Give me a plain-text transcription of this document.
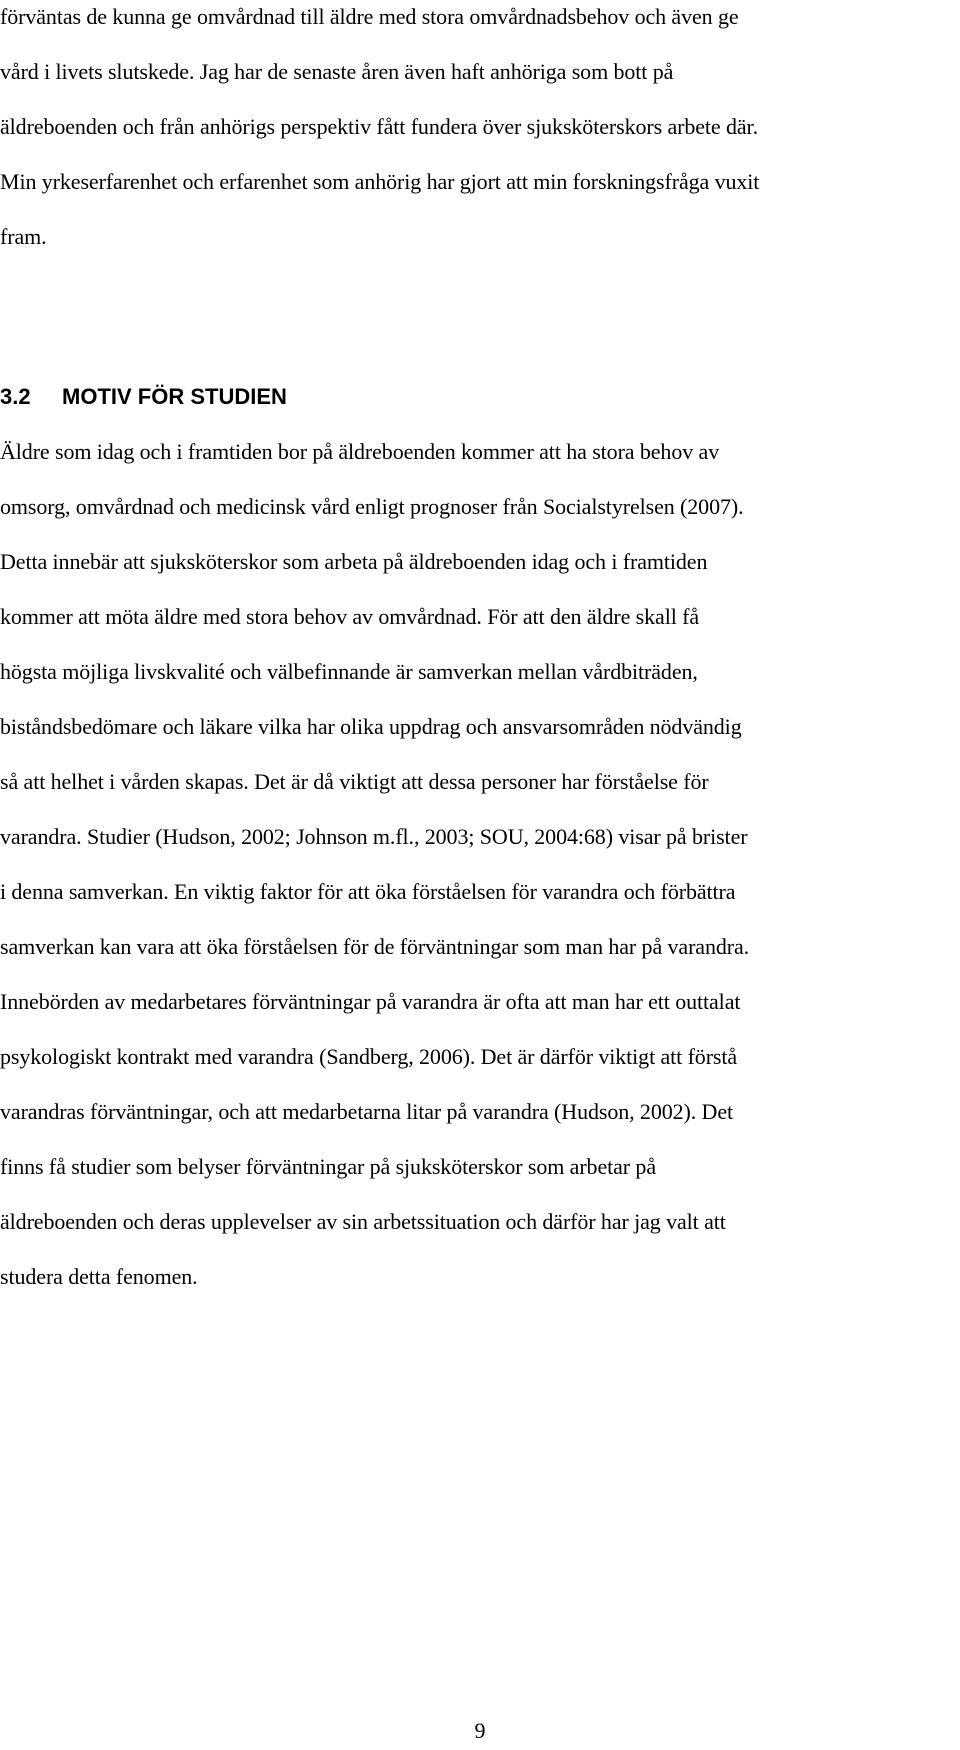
förväntas de kunna ge omvårdnad till äldre med stora omvårdnadsbehov och även ge

vård i livets slutskede. Jag har de senaste åren även haft anhöriga som bott på

äldreboenden och från anhörigs perspektiv fått fundera över sjuksköterskors arbete där.

Min yrkeserfarenhet och erfarenhet som anhörig har gjort att min forskningsfråga vuxit

fram.

3.2 MOTIV FÖR STUDIEN

Äldre som idag och i framtiden bor på äldreboenden kommer att ha stora behov av

omsorg, omvårdnad och medicinsk vård enligt prognoser från Socialstyrelsen (2007).

Detta innebär att sjuksköterskor som arbeta på äldreboenden idag och i framtiden

kommer att möta äldre med stora behov av omvårdnad. För att den äldre skall få

högsta möjliga livskvalité och välbefinnande är samverkan mellan vårdbiträden,

biståndsbedömare och läkare vilka har olika uppdrag och ansvarsområden nödvändig

så att helhet i vården skapas. Det är då viktigt att dessa personer har förståelse för

varandra. Studier (Hudson, 2002; Johnson m.fl., 2003; SOU, 2004:68) visar på brister

i denna samverkan. En viktig faktor för att öka förståelsen för varandra och förbättra

samverkan kan vara att öka förståelsen för de förväntningar som man har på varandra.

Innebörden av medarbetares förväntningar på varandra är ofta att man har ett outtalat

psykologiskt kontrakt med varandra (Sandberg, 2006). Det är därför viktigt att förstå

varandras förväntningar, och att medarbetarna litar på varandra (Hudson, 2002). Det

finns få studier som belyser förväntningar på sjuksköterskor som arbetar på

äldreboenden och deras upplevelser av sin arbetssituation och därför har jag valt att

studera detta fenomen.

9
